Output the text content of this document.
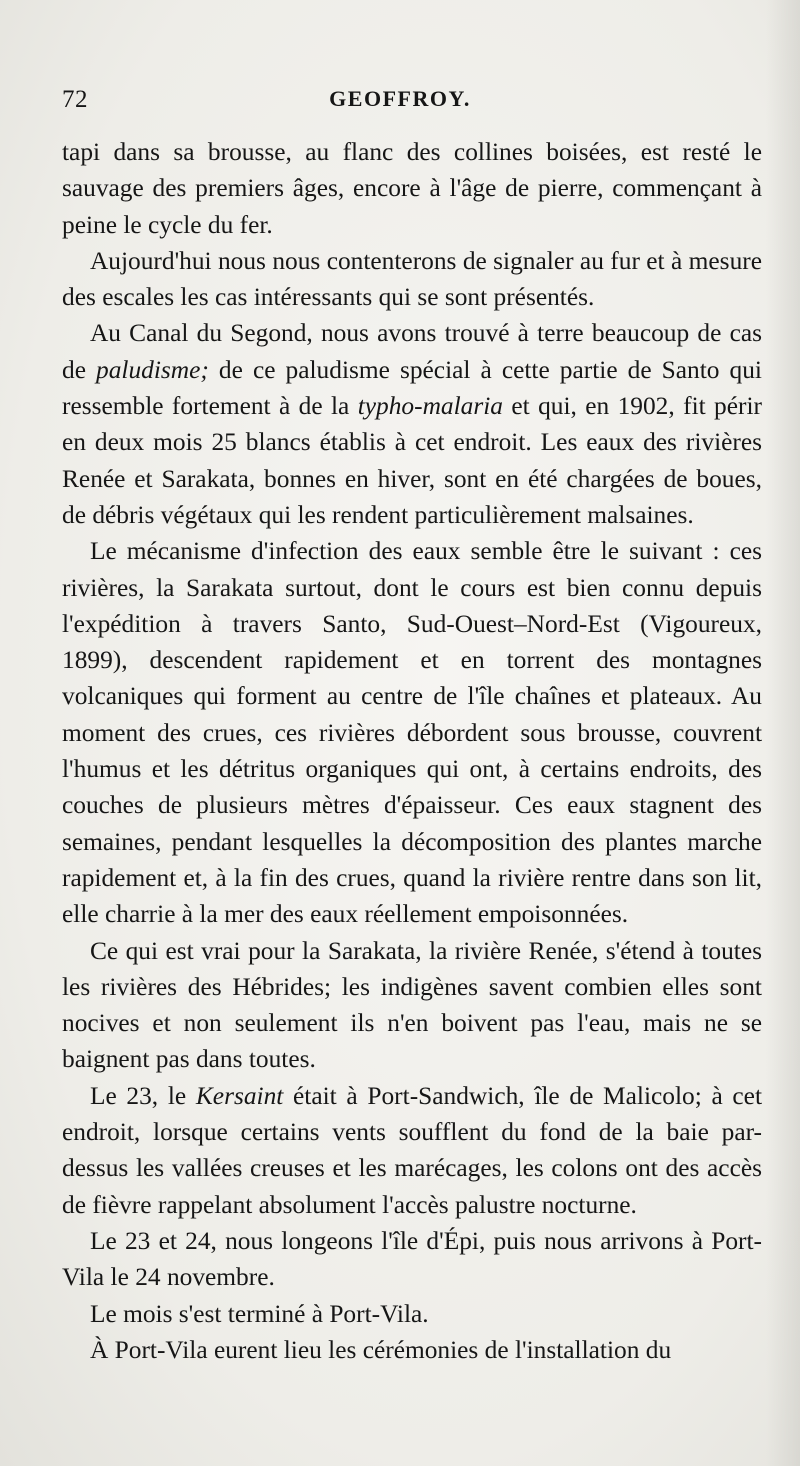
72	GEOFFROY.

tapi dans sa brousse, au flanc des collines boisées, est resté le sauvage des premiers âges, encore à l'âge de pierre, commençant à peine le cycle du fer.

Aujourd'hui nous nous contenterons de signaler au fur et à mesure des escales les cas intéressants qui se sont présentés.

Au Canal du Segond, nous avons trouvé à terre beaucoup de cas de paludisme; de ce paludisme spécial à cette partie de Santo qui ressemble fortement à de la typho-malaria et qui, en 1902, fit périr en deux mois 25 blancs établis à cet endroit. Les eaux des rivières Renée et Sarakata, bonnes en hiver, sont en été chargées de boues, de débris végétaux qui les rendent particulièrement malsaines.

Le mécanisme d'infection des eaux semble être le suivant : ces rivières, la Sarakata surtout, dont le cours est bien connu depuis l'expédition à travers Santo, Sud-Ouest–Nord-Est (Vigoureux, 1899), descendent rapidement et en torrent des montagnes volcaniques qui forment au centre de l'île chaînes et plateaux. Au moment des crues, ces rivières débordent sous brousse, couvrent l'humus et les détritus organiques qui ont, à certains endroits, des couches de plusieurs mètres d'épaisseur. Ces eaux stagnent des semaines, pendant lesquelles la décomposition des plantes marche rapidement et, à la fin des crues, quand la rivière rentre dans son lit, elle charrie à la mer des eaux réellement empoisonnées.

Ce qui est vrai pour la Sarakata, la rivière Renée, s'étend à toutes les rivières des Hébrides; les indigènes savent combien elles sont nocives et non seulement ils n'en boivent pas l'eau, mais ne se baignent pas dans toutes.

Le 23, le Kersaint était à Port-Sandwich, île de Malicolo; à cet endroit, lorsque certains vents soufflent du fond de la baie par-dessus les vallées creuses et les marécages, les colons ont des accès de fièvre rappelant absolument l'accès palustre nocturne.

Le 23 et 24, nous longeons l'île d'Épi, puis nous arrivons à Port-Vila le 24 novembre.

Le mois s'est terminé à Port-Vila.

À Port-Vila eurent lieu les cérémonies de l'installation du
